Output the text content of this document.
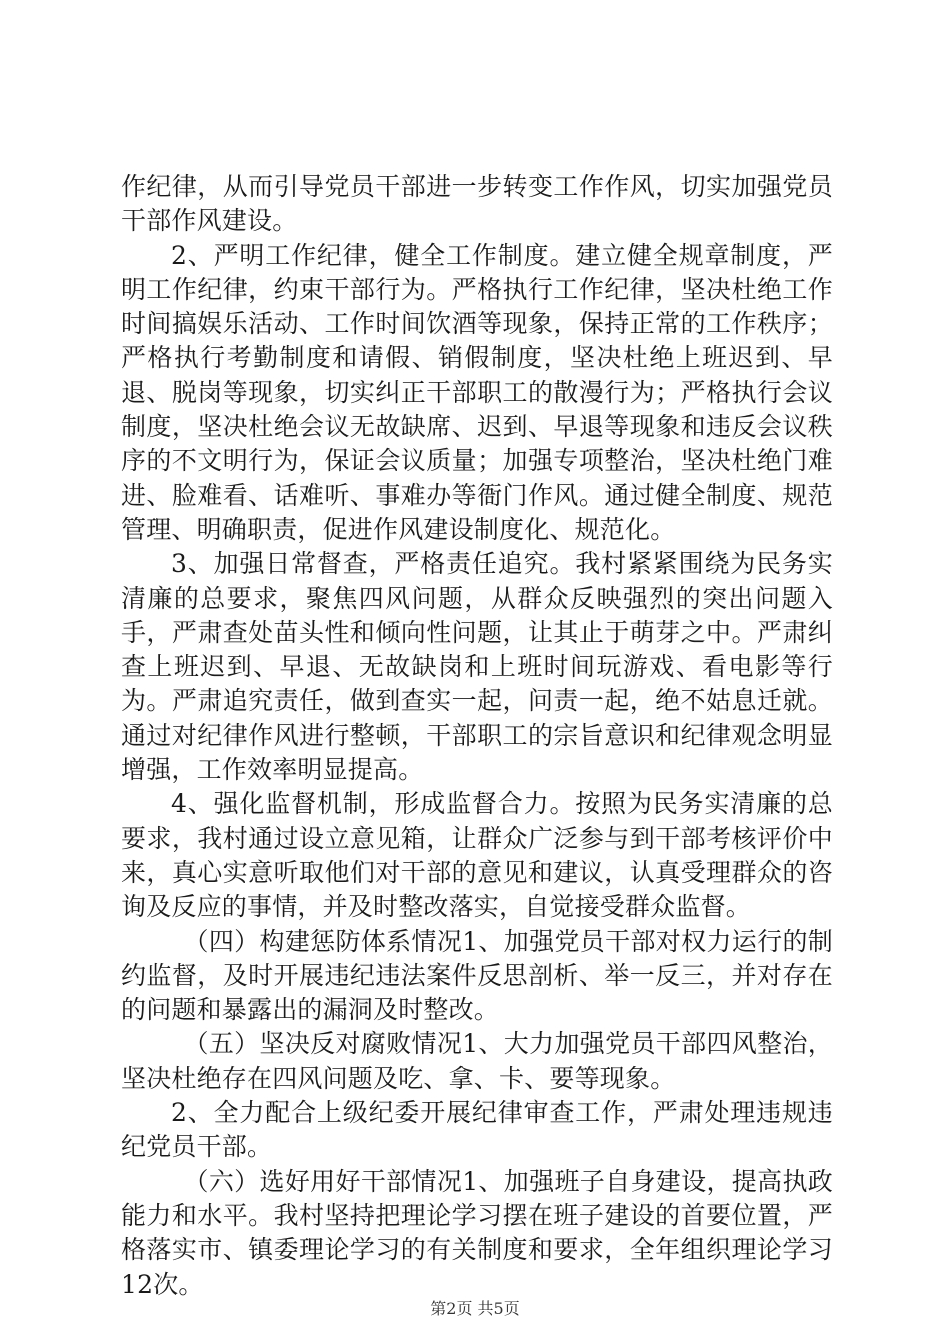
作纪律，从而引导党员干部进一步转变工作作风，切实加强党员干部作风建设。

2、严明工作纪律，健全工作制度。建立健全规章制度，严明工作纪律，约束干部行为。严格执行工作纪律，坚决杜绝工作时间搞娱乐活动、工作时间饮酒等现象，保持正常的工作秩序；严格执行考勤制度和请假、销假制度，坚决杜绝上班迟到、早退、脱岗等现象，切实纠正干部职工的散漫行为；严格执行会议制度，坚决杜绝会议无故缺席、迟到、早退等现象和违反会议秩序的不文明行为，保证会议质量；加强专项整治，坚决杜绝门难进、脸难看、话难听、事难办等衙门作风。通过健全制度、规范管理、明确职责，促进作风建设制度化、规范化。

3、加强日常督查，严格责任追究。我村紧紧围绕为民务实清廉的总要求，聚焦四风问题，从群众反映强烈的突出问题入手，严肃查处苗头性和倾向性问题，让其止于萌芽之中。严肃纠查上班迟到、早退、无故缺岗和上班时间玩游戏、看电影等行为。严肃追究责任，做到查实一起，问责一起，绝不姑息迁就。通过对纪律作风进行整顿，干部职工的宗旨意识和纪律观念明显增强，工作效率明显提高。

4、强化监督机制，形成监督合力。按照为民务实清廉的总要求，我村通过设立意见箱，让群众广泛参与到干部考核评价中来，真心实意听取他们对干部的意见和建议，认真受理群众的咨询及反应的事情，并及时整改落实，自觉接受群众监督。

（四）构建惩防体系情况1、加强党员干部对权力运行的制约监督，及时开展违纪违法案件反思剖析、举一反三，并对存在的问题和暴露出的漏洞及时整改。

（五）坚决反对腐败情况1、大力加强党员干部四风整治，坚决杜绝存在四风问题及吃、拿、卡、要等现象。

2、全力配合上级纪委开展纪律审查工作，严肃处理违规违纪党员干部。

（六）选好用好干部情况1、加强班子自身建设，提高执政能力和水平。我村坚持把理论学习摆在班子建设的首要位置，严格落实市、镇委理论学习的有关制度和要求，全年组织理论学习12次。

第2页 共5页
